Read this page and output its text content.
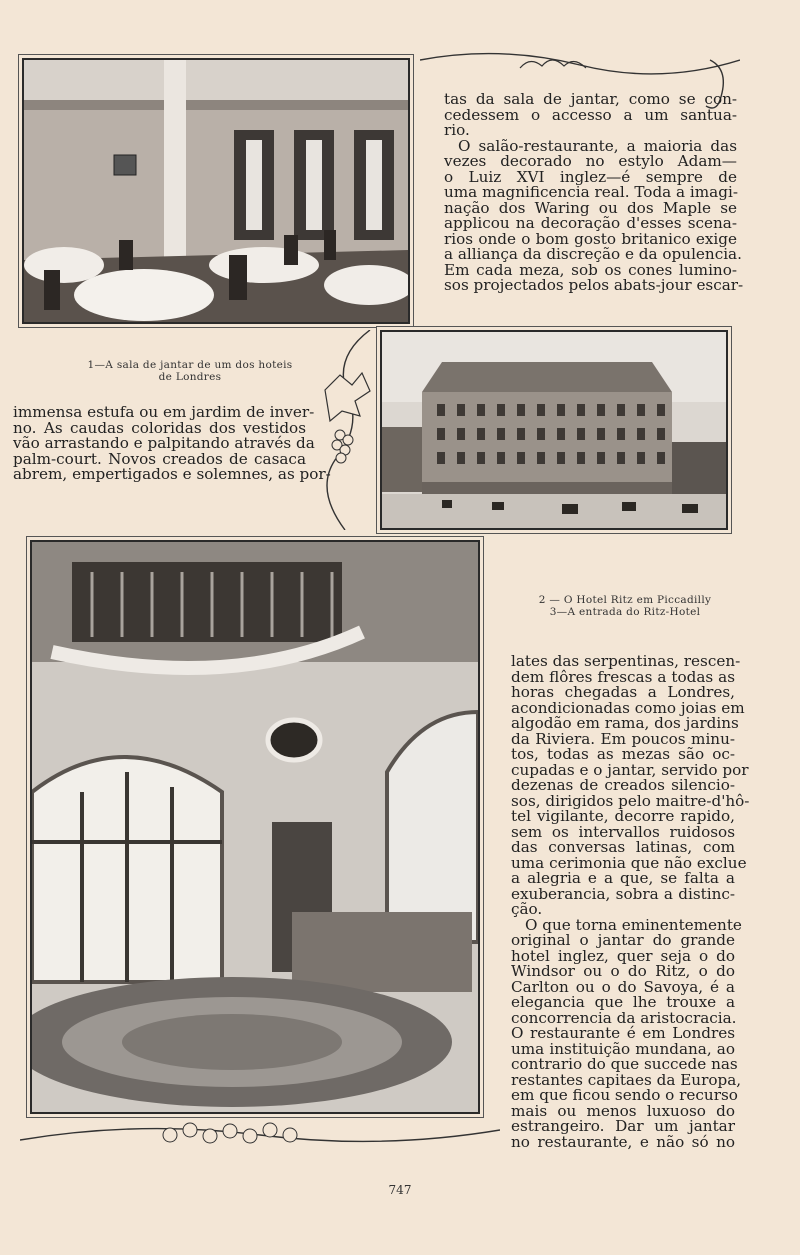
tas da sala de jantar, como se con-
cedessem o accesso a um santua-
rio.
O salão-restaurante, a maioria das
vezes decorado no estylo Adam—
o Luiz XVI inglez—é sempre de
uma magnificencia real. Toda a imagi-
nação dos Waring ou dos Maple se
applicou na decoração d'esses scena-
rios onde o bom gosto britanico exige
a alliança da discreção e da opulencia.
Em cada meza, sob os cones lumino-
sos projectados pelos abats-jour escar-
1—A sala de jantar de um dos hoteis
de Londres
immensa estufa ou em jardim de inver-
no. As caudas coloridas dos vestidos
vão arrastando e palpitando através da
palm-court. Novos creados de casaca
abrem, empertigados e solemnes, as por-
2 — O Hotel Ritz em Piccadilly
3—A entrada do Ritz-Hotel
lates das serpentinas, rescen-
dem flôres frescas a todas as
horas chegadas a Londres,
acondicionadas como joias em
algodão em rama, dos jardins
da Riviera. Em poucos minu-
tos, todas as mezas são oc-
cupadas e o jantar, servido por
dezenas de creados silencio-
sos, dirigidos pelo maitre-d'hô-
tel vigilante, decorre rapido,
sem os intervallos ruidosos
das conversas latinas, com
uma cerimonia que não exclue
a alegria e a que, se falta a
exuberancia, sobra a distinc-
ção.
O que torna eminentemente
original o jantar do grande
hotel inglez, quer seja o do
Windsor ou o do Ritz, o do
Carlton ou o do Savoya, é a
elegancia que lhe trouxe a
concorrencia da aristocracia.
O restaurante é em Londres
uma instituição mundana, ao
contrario do que succede nas
restantes capitaes da Europa,
em que ficou sendo o recurso
mais ou menos luxuoso do
estrangeiro. Dar um jantar
no restaurante, e não só no
747
